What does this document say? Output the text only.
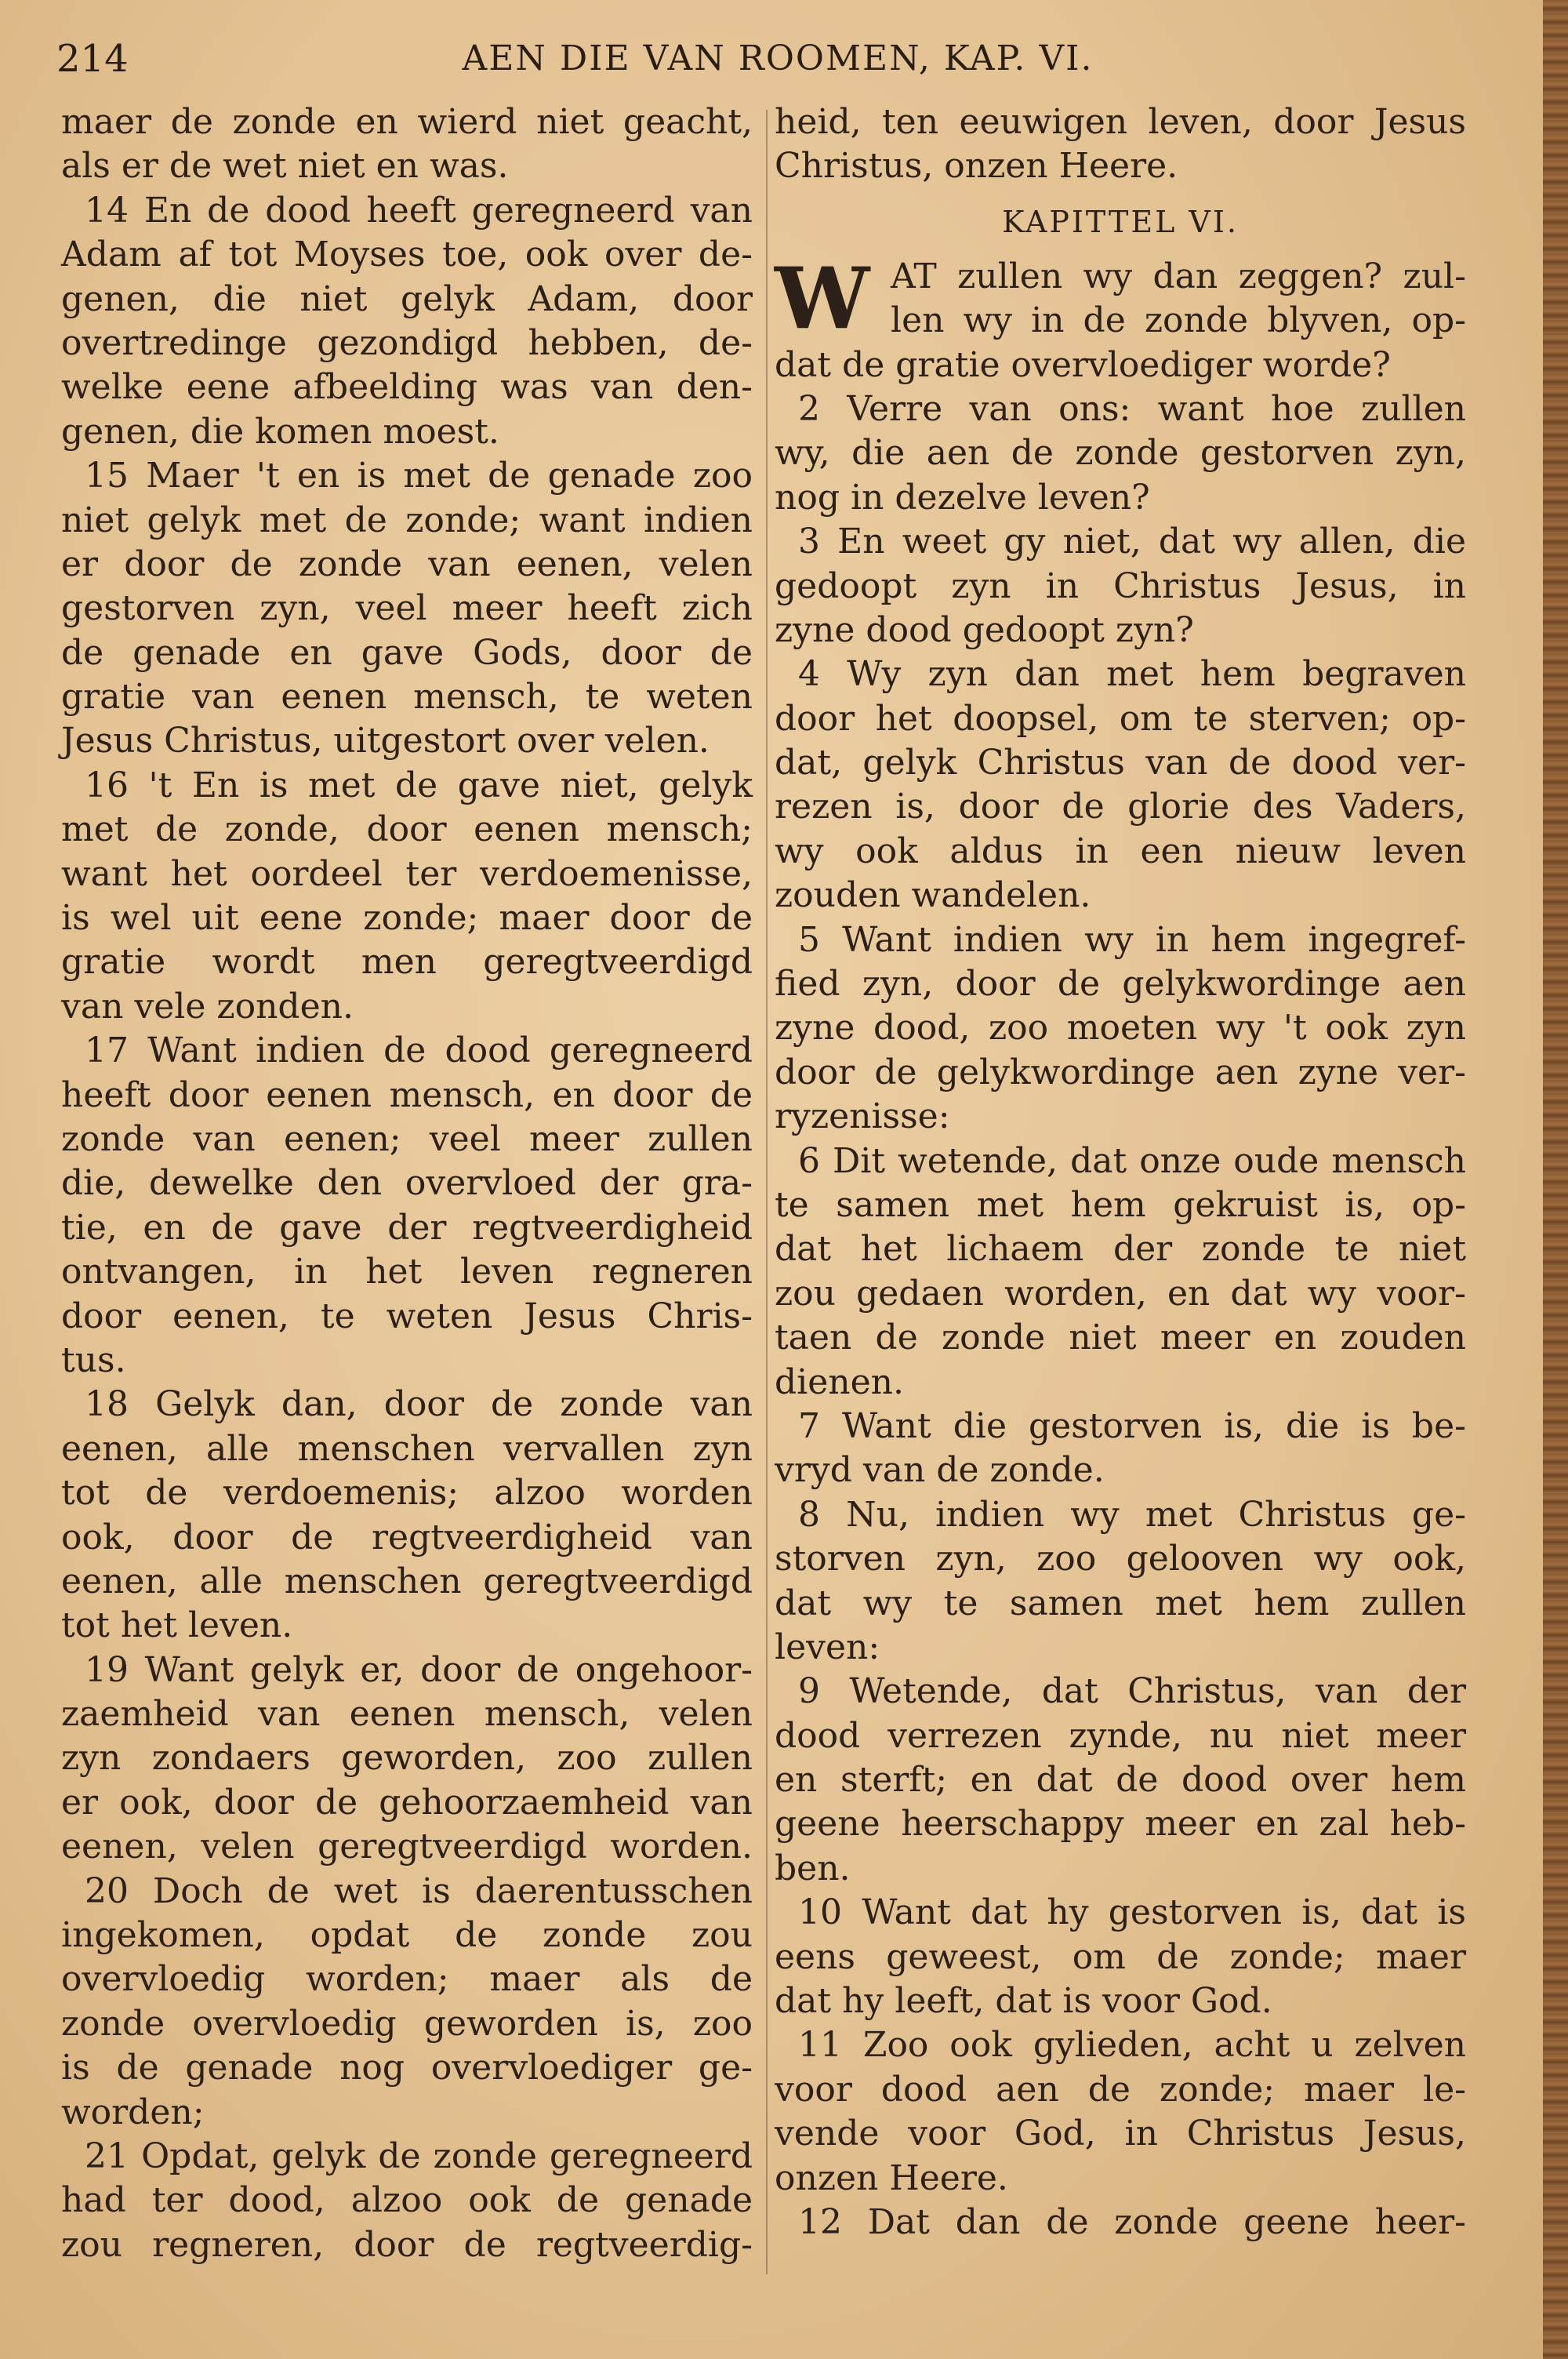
214	AEN DIE VAN ROOMEN, KAP. VI.
maer de zonde en wierd niet geacht,
als er de wet niet en was.
14 En de dood heeft geregneerd van
Adam af tot Moyses toe, ook over de-
genen, die niet gelyk Adam, door
overtredinge gezondigd hebben, de-
welke eene afbeelding was van den-
genen, die komen moest.
15 Maer 't en is met de genade zoo
niet gelyk met de zonde; want indien
er door de zonde van eenen, velen
gestorven zyn, veel meer heeft zich
de genade en gave Gods, door de
gratie van eenen mensch, te weten
Jesus Christus, uitgestort over velen.
16 't En is met de gave niet, gelyk
met de zonde, door eenen mensch;
want het oordeel ter verdoemenisse,
is wel uit eene zonde; maer door de
gratie wordt men geregtveerdigd
van vele zonden.
17 Want indien de dood geregneerd
heeft door eenen mensch, en door de
zonde van eenen; veel meer zullen
die, dewelke den overvloed der gra-
tie, en de gave der regtveerdigheid
ontvangen, in het leven regneren
door eenen, te weten Jesus Chris-
tus.
18 Gelyk dan, door de zonde van
eenen, alle menschen vervallen zyn
tot de verdoemenis; alzoo worden
ook, door de regtveerdigheid van
eenen, alle menschen geregtveerdigd
tot het leven.
19 Want gelyk er, door de ongehoor-
zaemheid van eenen mensch, velen
zyn zondaers geworden, zoo zullen
er ook, door de gehoorzaemheid van
eenen, velen geregtveerdigd worden.
20 Doch de wet is daerentusschen
ingekomen, opdat de zonde zou
overvloedig worden; maer als de
zonde overvloedig geworden is, zoo
is de genade nog overvloediger ge-
worden;
21 Opdat, gelyk de zonde geregneerd
had ter dood, alzoo ook de genade
zou regneren, door de regtveerdig-
heid, ten eeuwigen leven, door Jesus
Christus, onzen Heere.
KAPITTEL VI.
W AT zullen wy dan zeggen? zul-
len wy in de zonde blyven, op-
dat de gratie overvloediger worde?
2 Verre van ons: want hoe zullen
wy, die aen de zonde gestorven zyn,
nog in dezelve leven?
3 En weet gy niet, dat wy allen, die
gedoopt zyn in Christus Jesus, in
zyne dood gedoopt zyn?
4 Wy zyn dan met hem begraven
door het doopsel, om te sterven; op-
dat, gelyk Christus van de dood ver-
rezen is, door de glorie des Vaders,
wy ook aldus in een nieuw leven
zouden wandelen.
5 Want indien wy in hem ingegref-
fied zyn, door de gelykwordinge aen
zyne dood, zoo moeten wy 't ook zyn
door de gelykwordinge aen zyne ver-
ryzenisse:
6 Dit wetende, dat onze oude mensch
te samen met hem gekruist is, op-
dat het lichaem der zonde te niet
zou gedaen worden, en dat wy voor-
taen de zonde niet meer en zouden
dienen.
7 Want die gestorven is, die is be-
vryd van de zonde.
8 Nu, indien wy met Christus ge-
storven zyn, zoo gelooven wy ook,
dat wy te samen met hem zullen
leven:
9 Wetende, dat Christus, van der
dood verrezen zynde, nu niet meer
en sterft; en dat de dood over hem
geene heerschappy meer en zal heb-
ben.
10 Want dat hy gestorven is, dat is
eens geweest, om de zonde; maer
dat hy leeft, dat is voor God.
11 Zoo ook gylieden, acht u zelven
voor dood aen de zonde; maer le-
vende voor God, in Christus Jesus,
onzen Heere.
12 Dat dan de zonde geene heer-
